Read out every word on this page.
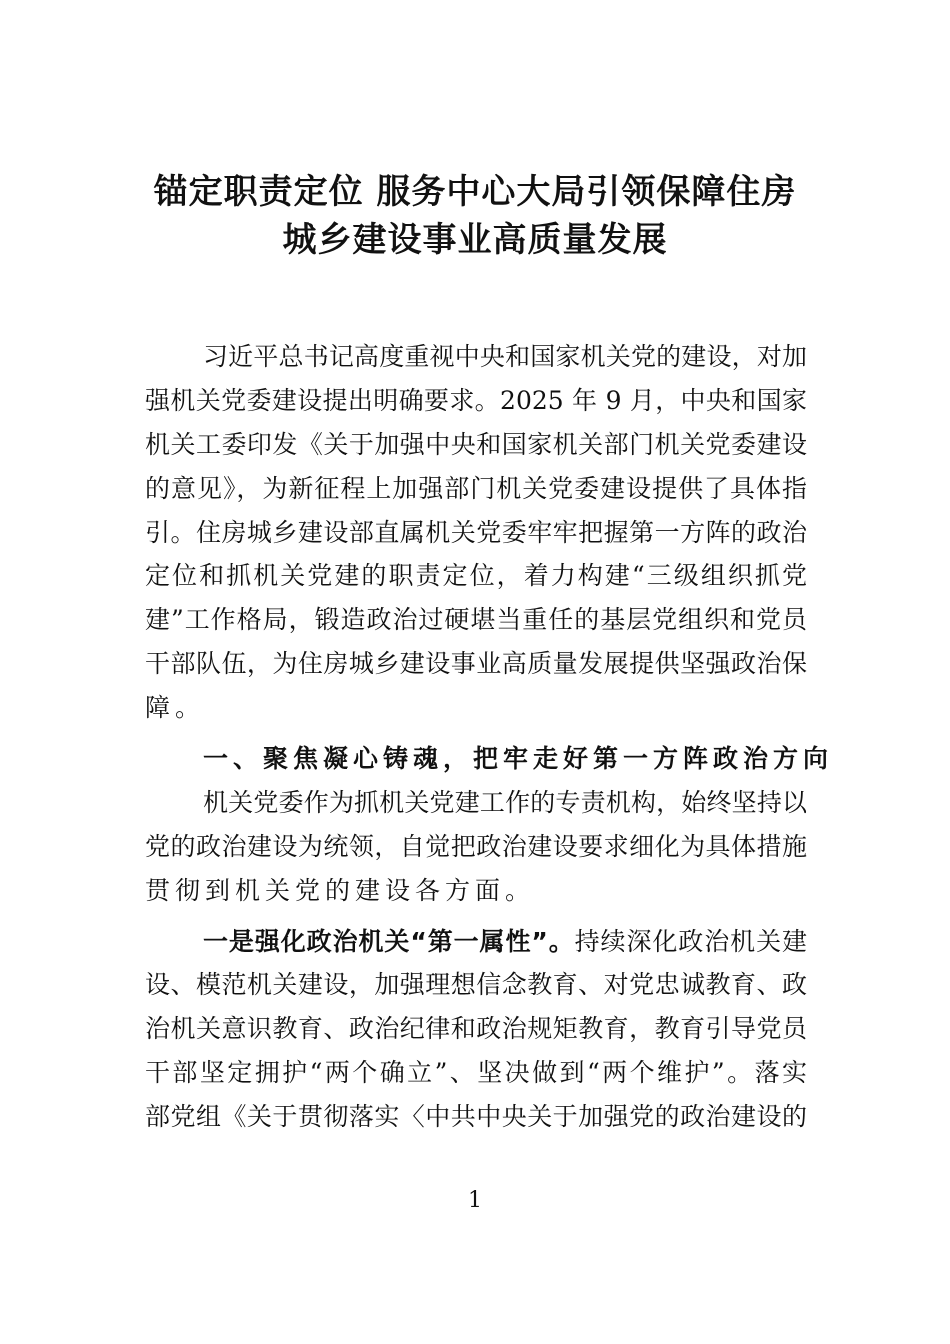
锚定职责定位 服务中心大局引领保障住房
城乡建设事业高质量发展
习近平总书记高度重视中央和国家机关党的建设，对加
强机关党委建设提出明确要求。2025 年 9 月，中央和国家
机关工委印发《关于加强中央和国家机关部门机关党委建设
的意见》，为新征程上加强部门机关党委建设提供了具体指
引。住房城乡建设部直属机关党委牢牢把握第一方阵的政治
定位和抓机关党建的职责定位，着力构建“三级组织抓党
建”工作格局，锻造政治过硬堪当重任的基层党组织和党员
干部队伍，为住房城乡建设事业高质量发展提供坚强政治保
障。
一、聚焦凝心铸魂，把牢走好第一方阵政治方向
机关党委作为抓机关党建工作的专责机构，始终坚持以
党的政治建设为统领，自觉把政治建设要求细化为具体措施
贯彻到机关党的建设各方面。
一是强化政治机关“第一属性”。持续深化政治机关建
设、模范机关建设，加强理想信念教育、对党忠诚教育、政
治机关意识教育、政治纪律和政治规矩教育，教育引导党员
干部坚定拥护“两个确立”、坚决做到“两个维护”。落实
部党组《关于贯彻落实〈中共中央关于加强党的政治建设的
1
